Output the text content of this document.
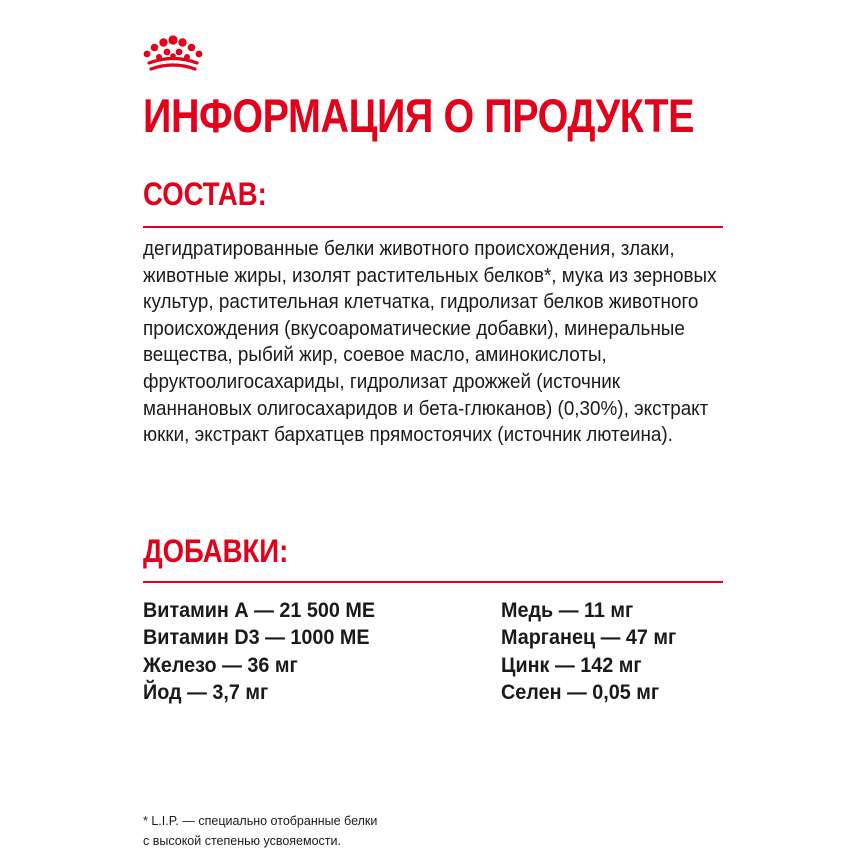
ИНФОРМАЦИЯ О ПРОДУКТЕ
СОСТАВ:

дегидратированные белки животного происхождения, злаки, животные жиры, изолят растительных белков*, мука из зерновых культур, растительная клетчатка, гидролизат белков животного происхождения (вкусоароматические добавки), минеральные вещества, рыбий жир, соевое масло, аминокислоты, фруктоолигосахариды, гидролизат дрожжей (источник маннановых олигосахаридов и бета-глюканов) (0,30%), экстракт юкки, экстракт бархатцев прямостоячих (источник лютеина).

ДОБАВКИ:
Витамин А — 21 500 МЕ
Витамин D3 — 1000 МЕ
Железо — 36 мг
Йод — 3,7 мг
Медь — 11 мг
Марганец — 47 мг
Цинк — 142 мг
Селен — 0,05 мг

* L.I.P. — специально отобранные белки
с высокой степенью усвояемости.
